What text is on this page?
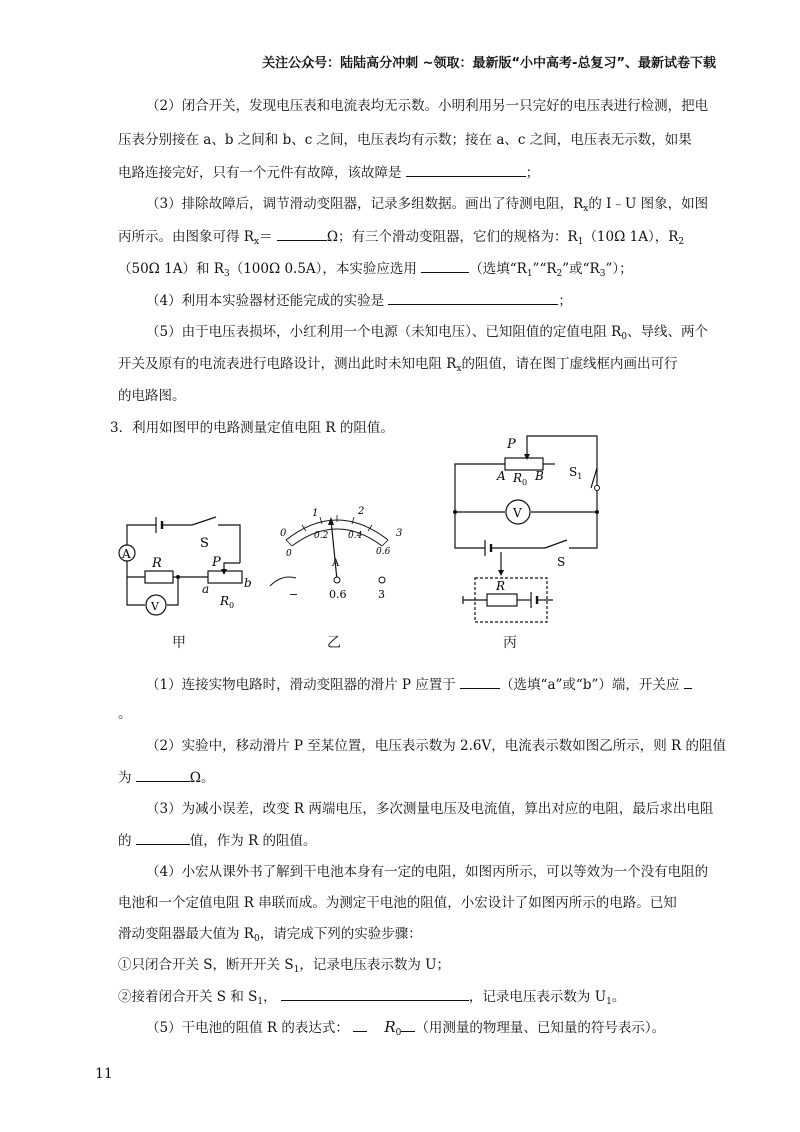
关注公众号：陆陆高分冲刺 ~领取：最新版“小中高考-总复习”、最新试卷下载
（2）闭合开关，发现电压表和电流表均无示数。小明利用另一只完好的电压表进行检测，把电
压表分别接在 a、b 之间和 b、c 之间，电压表均有示数；接在 a、c 之间，电压表无示数，如果
电路连接完好，只有一个元件有故障，该故障是	；
（3）排除故障后，调节滑动变阻器，记录多组数据。画出了待测电阻，$R_x$的 I﹣U 图象，如图
丙所示。由图象可得 $R_x=$	Ω；有三个滑动变阻器，它们的规格为：$R_1(10\Omega$ 1A），$R_2$
（50Ω 1A）和 $R_3(100\Omega$ 0.5A），本实验应选用	（选填“$R_1”“R_2$”或“$R_3$”）；
（4）利用本实验器材还能完成的实验是	；
（5）由于电压表损坏，小红利用一个电源（未知电压）、已知阻值的定值电阻 $R_0$、导线、两个
开关及原有的电流表进行电路设计，测出此时未知电阻 $R_x$的阻值，请在图丁虚线框内画出可行
的电路图。
3．利用如图甲的电路测量定值电阻 R 的阻值。
A
S
R	P
V
a	b
$R_0$
甲
0
1	2
3
0
0.2 0.4
0.6
A
−	0.6	3
乙
P
A $R_0$ B $S_1$
V
S
R
丙
（1）连接实物电路时，滑动变阻器的滑片 P 应置于	（选填“a”或“b”）端，开关应
。
（2）实验中，移动滑片 P 至某位置，电压表示数为 2.6V，电流表示数如图乙所示，则 R 的阻值
为	Ω。
（3）为减小误差，改变 R 两端电压，多次测量电压及电流值，算出对应的电阻，最后求出电阻
的	值，作为 R 的阻值。
（4）小宏从课外书了解到干电池本身有一定的电阻，如图丙所示，可以等效为一个没有电阻的
电池和一个定值电阻 R 串联而成。为测定干电池的阻值，小宏设计了如图丙所示的电路。已知
滑动变阻器最大值为 $R_0$，请完成下列的实验步骤：
①只闭合开关 S，断开开关 $S_1$，记录电压表示数为 U；
②接着闭合开关 S 和 $S_1$，	，记录电压表示数为 $U_1$。
（5）干电池的阻值 R 的表达式： $R_0$ （用测量的物理量、已知量的符号表示）。
11
